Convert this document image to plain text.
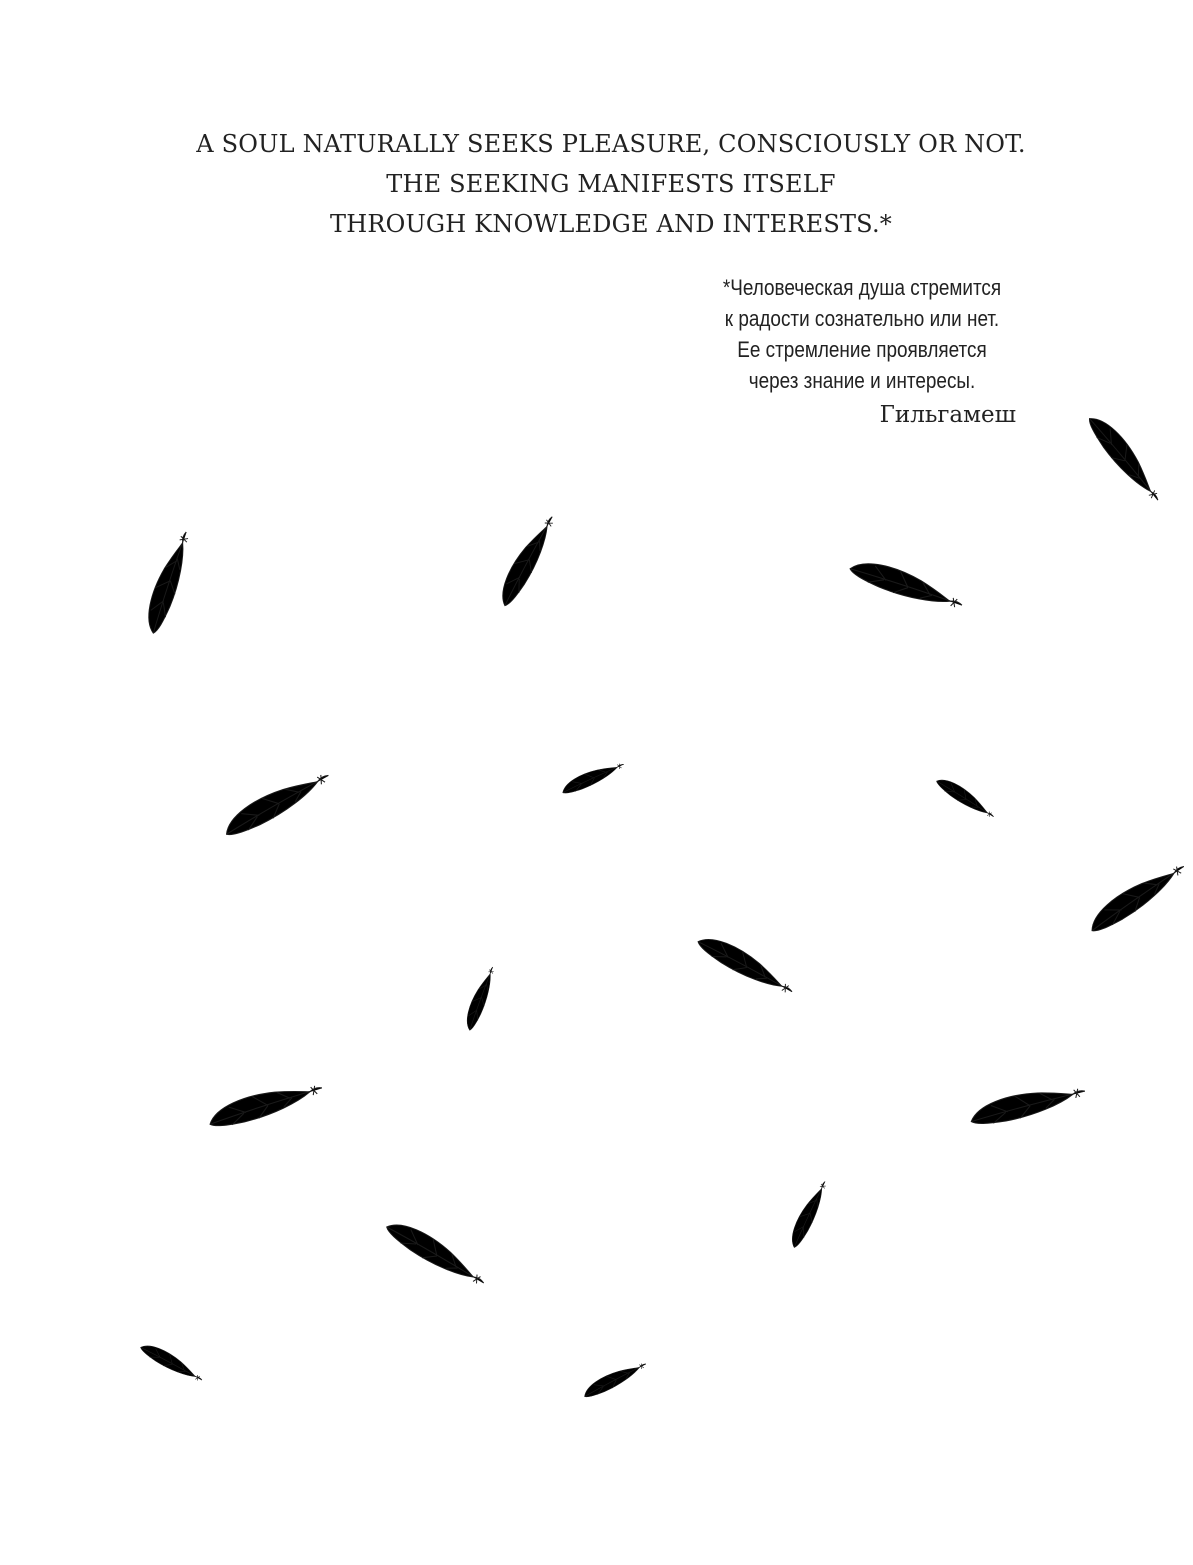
A SOUL NATURALLY SEEKS PLEASURE, CONSCIOUSLY OR NOT.
THE SEEKING MANIFESTS ITSELF
THROUGH KNOWLEDGE AND INTERESTS.*
*Человеческая душа стремится
к радости сознательно или нет.
Ее стремление проявляется
через знание и интересы.
Гильгамеш
